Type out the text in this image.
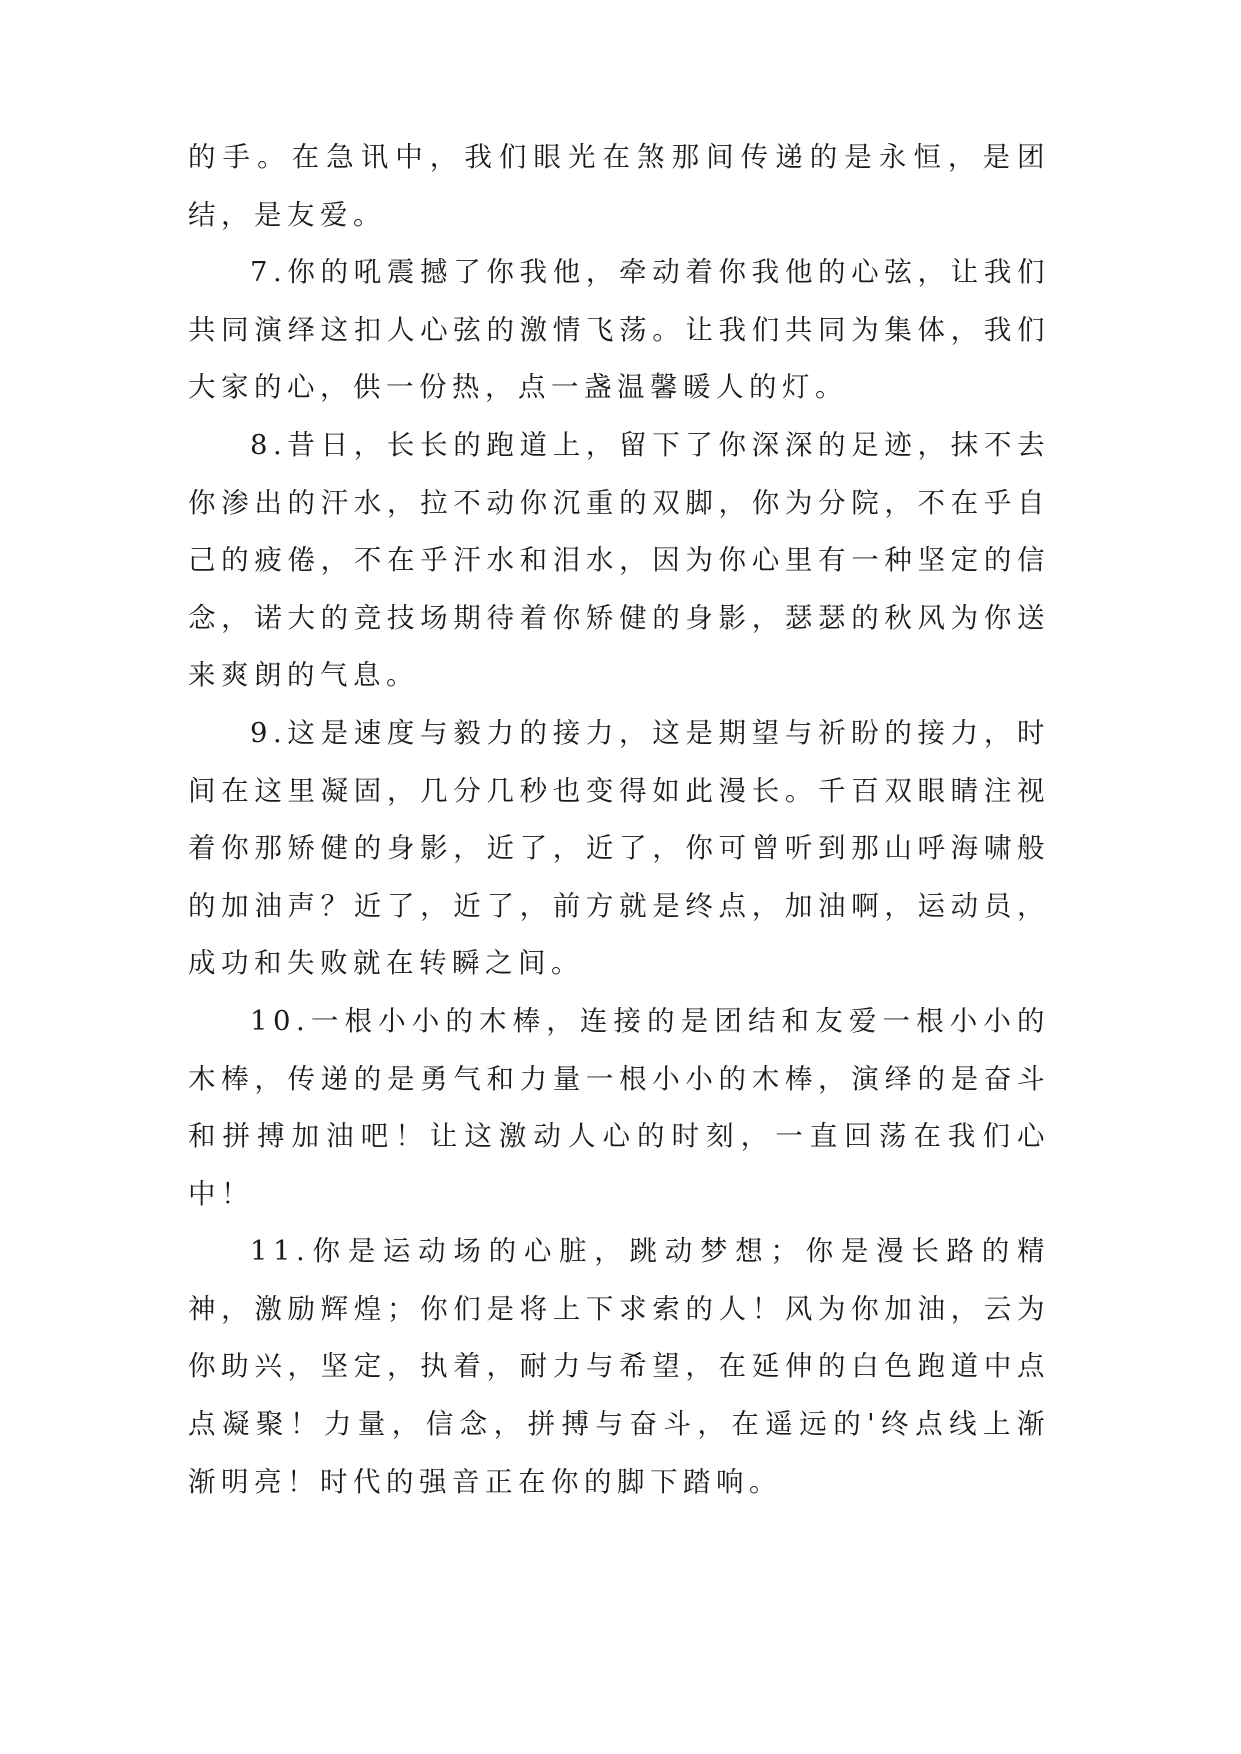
的手。在急讯中，我们眼光在煞那间传递的是永恒，是团结，是友爱。

7.你的吼震撼了你我他，牵动着你我他的心弦，让我们共同演绎这扣人心弦的激情飞荡。让我们共同为集体，我们大家的心，供一份热，点一盏温馨暖人的灯。

8.昔日，长长的跑道上，留下了你深深的足迹，抹不去你渗出的汗水，拉不动你沉重的双脚，你为分院，不在乎自己的疲倦，不在乎汗水和泪水，因为你心里有一种坚定的信念，诺大的竞技场期待着你矫健的身影，瑟瑟的秋风为你送来爽朗的气息。

9.这是速度与毅力的接力，这是期望与祈盼的接力，时间在这里凝固，几分几秒也变得如此漫长。千百双眼睛注视着你那矫健的身影，近了，近了，你可曾听到那山呼海啸般的加油声？近了，近了，前方就是终点，加油啊，运动员，成功和失败就在转瞬之间。

10.一根小小的木棒，连接的是团结和友爱一根小小的木棒，传递的是勇气和力量一根小小的木棒，演绎的是奋斗和拼搏加油吧！让这激动人心的时刻，一直回荡在我们心中！

11.你是运动场的心脏，跳动梦想；你是漫长路的精神，激励辉煌；你们是将上下求索的人！风为你加油，云为你助兴，坚定，执着，耐力与希望，在延伸的白色跑道中点点凝聚！力量，信念，拼搏与奋斗，在遥远的'终点线上渐渐明亮！时代的强音正在你的脚下踏响。
